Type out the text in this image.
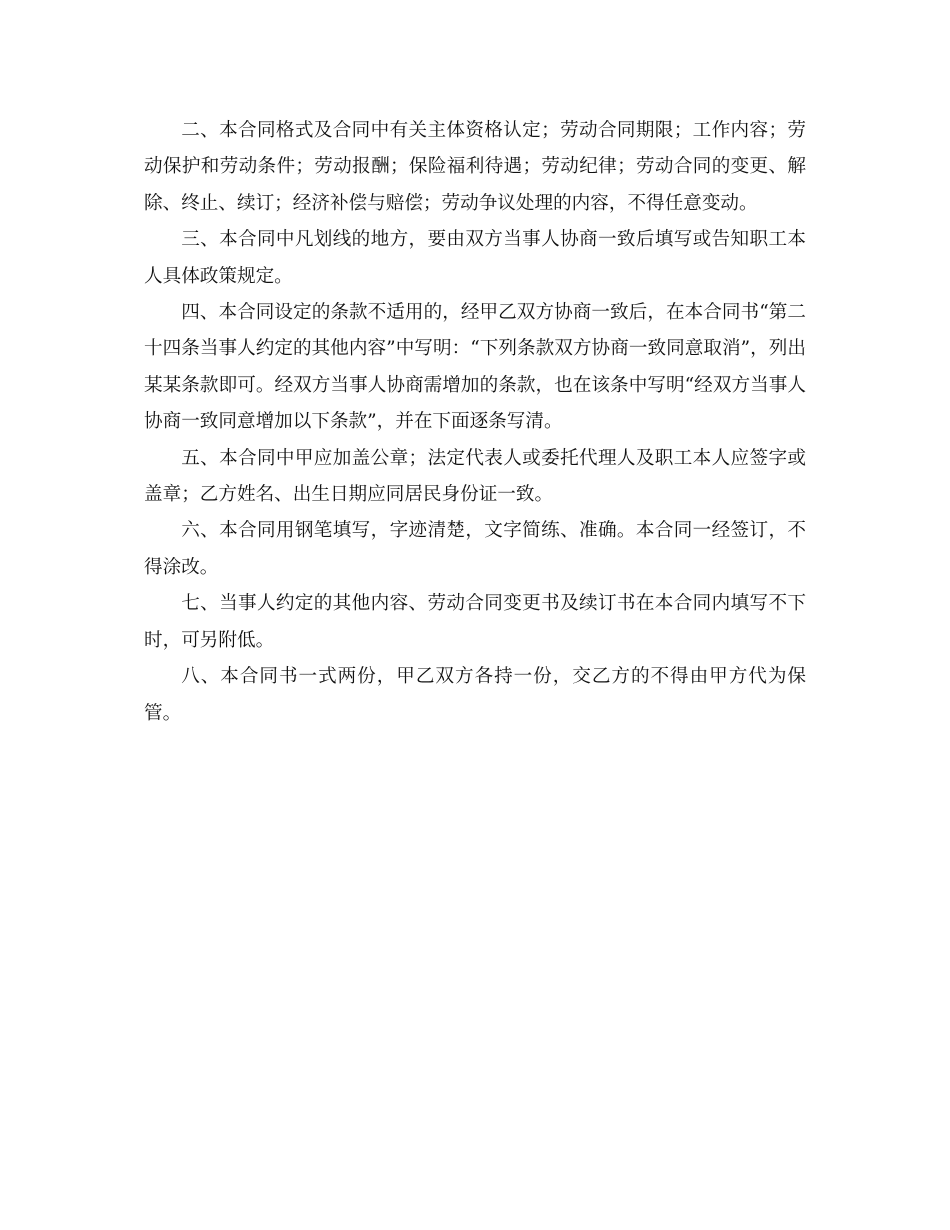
二、本合同格式及合同中有关主体资格认定；劳动合同期限；工作内容；劳动保护和劳动条件；劳动报酬；保险福利待遇；劳动纪律；劳动合同的变更、解除、终止、续订；经济补偿与赔偿；劳动争议处理的内容，不得任意变动。

三、本合同中凡划线的地方，要由双方当事人协商一致后填写或告知职工本人具体政策规定。

四、本合同设定的条款不适用的，经甲乙双方协商一致后，在本合同书“第二十四条当事人约定的其他内容”中写明：“下列条款双方协商一致同意取消”，列出某某条款即可。经双方当事人协商需增加的条款，也在该条中写明“经双方当事人协商一致同意增加以下条款”，并在下面逐条写清。

五、本合同中甲应加盖公章；法定代表人或委托代理人及职工本人应签字或盖章；乙方姓名、出生日期应同居民身份证一致。

六、本合同用钢笔填写，字迹清楚，文字简练、准确。本合同一经签订，不得涂改。

七、当事人约定的其他内容、劳动合同变更书及续订书在本合同内填写不下时，可另附低。

八、本合同书一式两份，甲乙双方各持一份，交乙方的不得由甲方代为保管。
